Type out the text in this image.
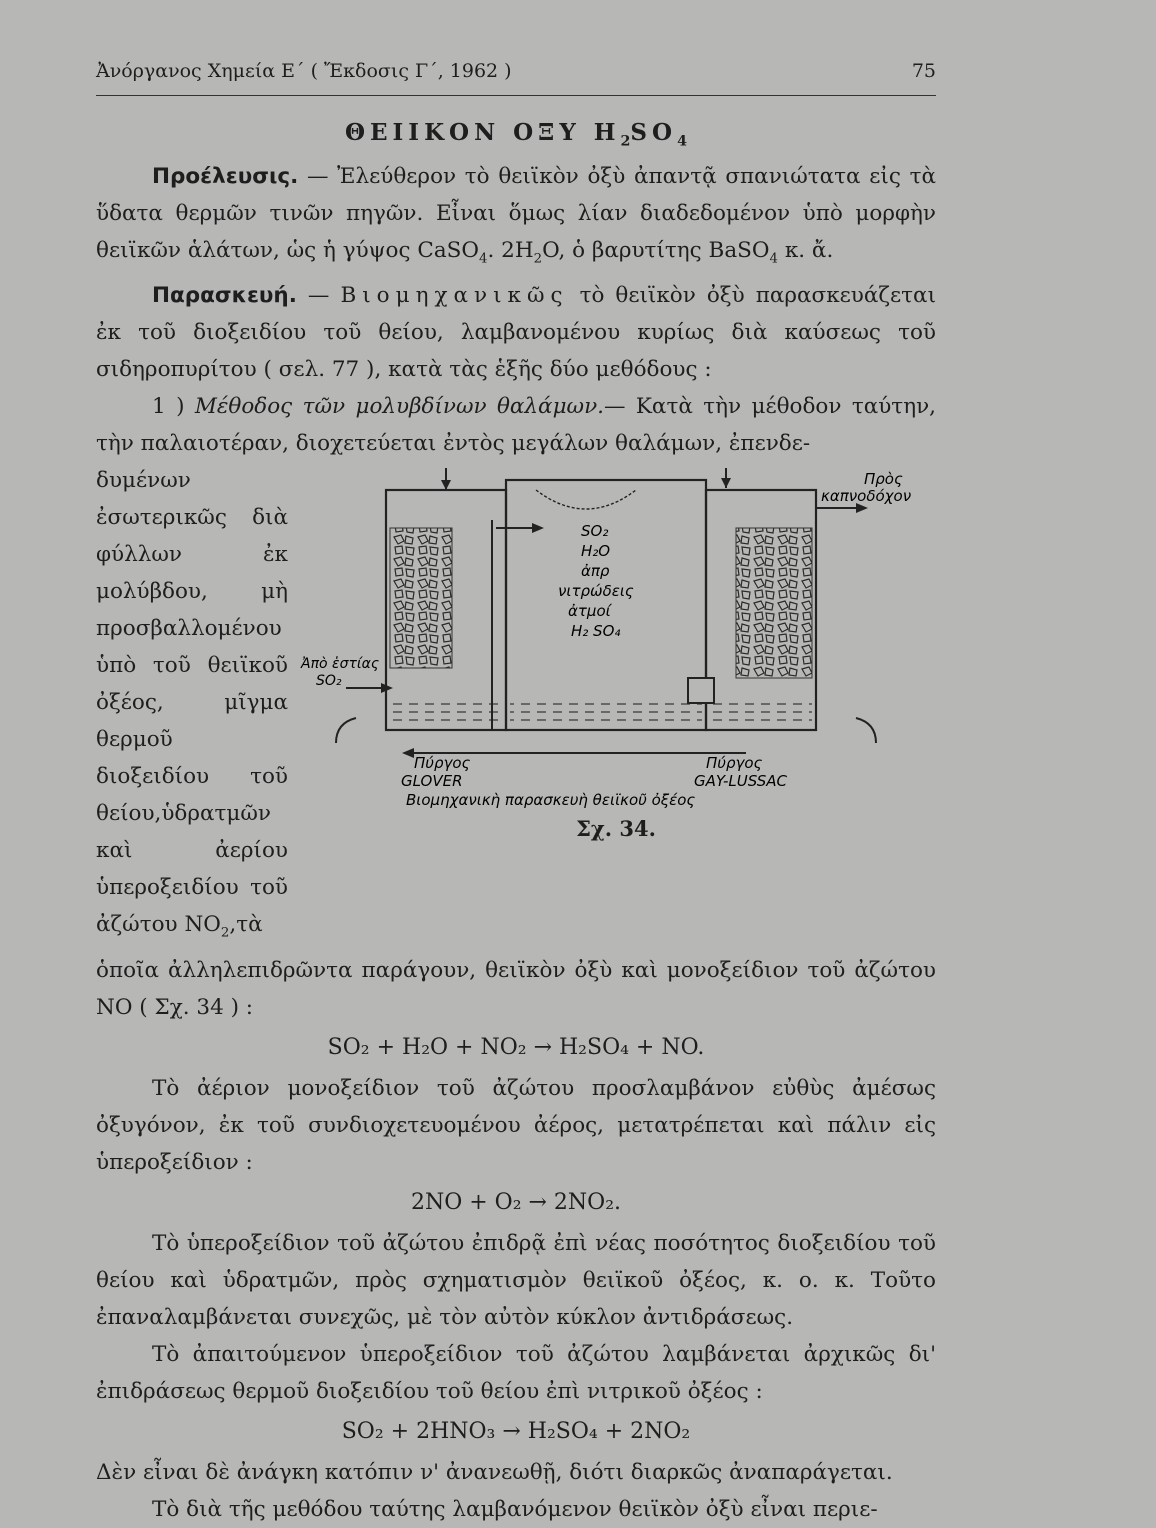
Ἀνόργανος Χημεία Ε΄ ( Ἔκδοσις Γ΄, 1962 )	75
ΘΕΙΙΚΟΝ ΟΞΥ $H_2SO_4$

Προέλευσις. — Ἐλεύθερον τὸ θειϊκὸν ὀξὺ ἀπαντᾷ σπανιώτατα εἰς τὰ ὕδατα θερμῶν τινῶν πηγῶν. Εἶναι ὅμως λίαν διαδεδομένον ὑπὸ μορφὴν θειϊκῶν ἁλάτων, ὡς ἡ γύψος CaSO$_4$. $2H_2O$, ὁ βαρυτίτης BaSO$_4$ κ. ἄ.

Παρασκευή. — Βιομηχανικῶς τὸ θειϊκὸν ὀξὺ παρασκευάζεται ἐκ τοῦ διοξειδίου τοῦ θείου, λαμβανομένου κυρίως διὰ καύσεως τοῦ σιδηροπυρίτου ( σελ. 77 ), κατὰ τὰς ἑξῆς δύο μεθόδους :

1 ) Μέθοδος τῶν μολυβδίνων θαλάμων.— Κατὰ τὴν μέθοδον ταύτην, τὴν παλαιοτέραν, διοχετεύεται ἐντὸς μεγάλων θαλάμων, ἐπενδε-

δυμένων ἐσωτερικῶς διὰ φύλλων ἐκ μολύβδου, μὴ προσβαλλομένου ὑπὸ τοῦ θειϊκοῦ ὀξέος, μῖγμα θερμοῦ διοξειδίου τοῦ θείου,ὑδρατμῶν καὶ ἀερίου ὑπεροξειδίου τοῦ ἀζώτου $NO_2,\tau ὰ$

Πρὸς
καπνοδόχον
SO₂
H₂O
ἀπρ
νιτρώδεις
ἀτμοί
H₂ SO₄
Ἀπὸ ἑστίας
SO₂
Πύργος
GLOVER
Πύργος
GAY-LUSSAC
Βιομηχανικὴ παρασκευὴ θειϊκοῦ ὀξέος
Σχ. 34.

ὁποῖα ἀλληλεπιδρῶντα παράγουν, θειϊκὸν ὀξὺ καὶ μονοξείδιον τοῦ ἀζώτου NO ( Σχ. 34 ) :

SO₂ + H₂O + NO₂ → H₂SO₄ + NO.

Τὸ ἀέριον μονοξείδιον τοῦ ἀζώτου προσλαμβάνον εὐθὺς ἀμέσως ὀξυγόνον, ἐκ τοῦ συνδιοχετευομένου ἀέρος, μετατρέπεται καὶ πάλιν εἰς ὑπεροξείδιον :

2NO + O₂ → 2NO₂.

Τὸ ὑπεροξείδιον τοῦ ἀζώτου ἐπιδρᾷ ἐπὶ νέας ποσότητος διοξειδίου τοῦ θείου καὶ ὑδρατμῶν, πρὸς σχηματισμὸν θειϊκοῦ ὀξέος, κ. ο. κ. Τοῦτο ἐπαναλαμβάνεται συνεχῶς, μὲ τὸν αὐτὸν κύκλον ἀντιδράσεως.

Τὸ ἀπαιτούμενον ὑπεροξείδιον τοῦ ἀζώτου λαμβάνεται ἀρχικῶς δι' ἐπιδράσεως θερμοῦ διοξειδίου τοῦ θείου ἐπὶ νιτρικοῦ ὀξέος :

SO₂ + 2HNO₃ → H₂SO₄ + 2NO₂

Δὲν εἶναι δὲ ἀνάγκη κατόπιν ν' ἀνανεωθῇ, διότι διαρκῶς ἀναπαράγεται.

Τὸ διὰ τῆς μεθόδου ταύτης λαμβανόμενον θειϊκὸν ὀξὺ εἶναι περιε-
